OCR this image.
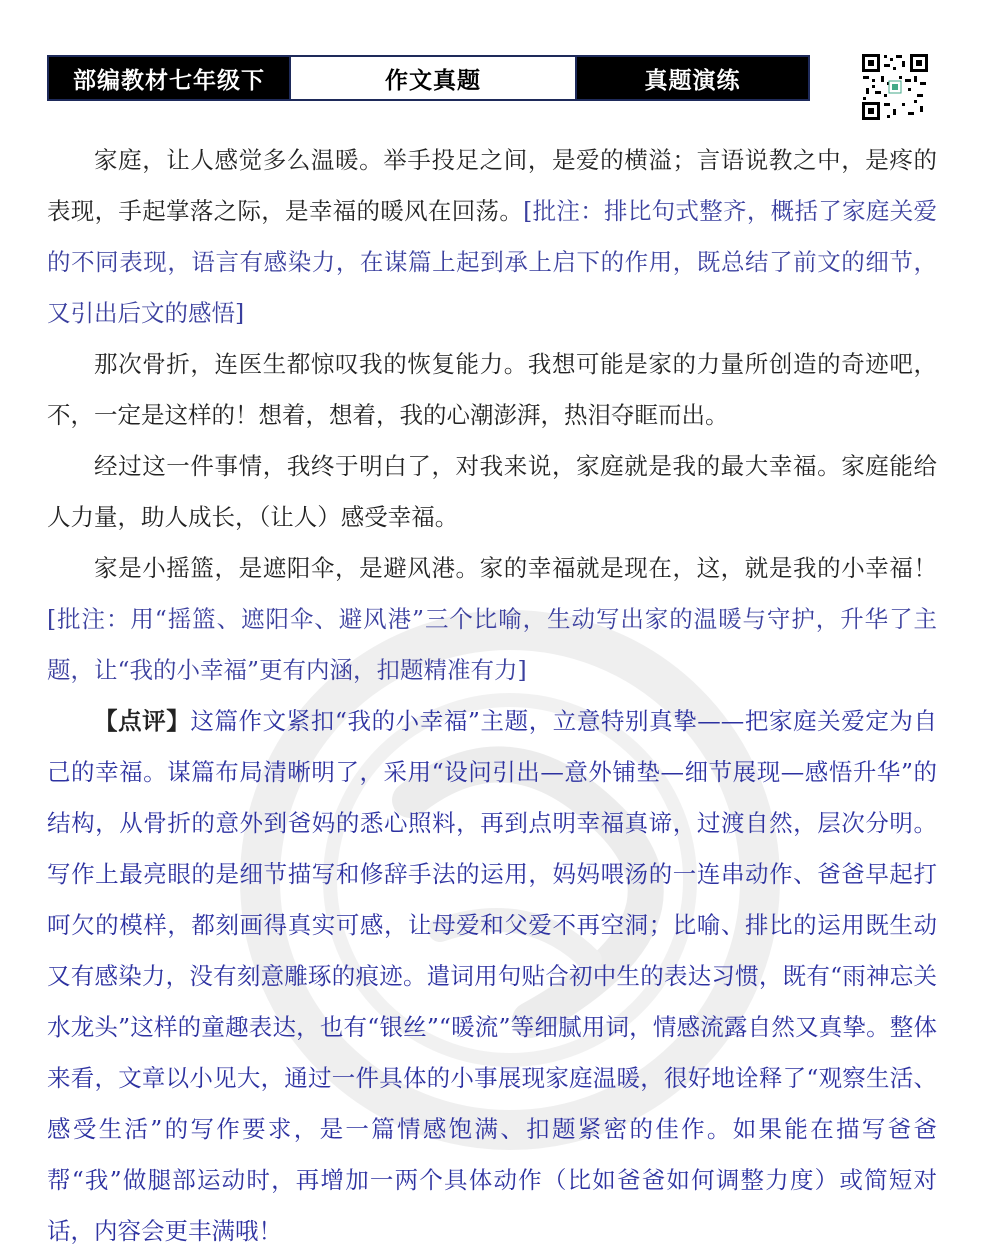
部编教材七年级下	作文真题	真题演练

家庭，让人感觉多么温暖。举手投足之间，是爱的横溢；言语说教之中，是疼的表现，手起掌落之际，是幸福的暖风在回荡。[批注：排比句式整齐，概括了家庭关爱的不同表现，语言有感染力，在谋篇上起到承上启下的作用，既总结了前文的细节，又引出后文的感悟]

那次骨折，连医生都惊叹我的恢复能力。我想可能是家的力量所创造的奇迹吧，不，一定是这样的！想着，想着，我的心潮澎湃，热泪夺眶而出。

经过这一件事情，我终于明白了，对我来说，家庭就是我的最大幸福。家庭能给人力量，助人成长，（让人）感受幸福。

家是小摇篮，是遮阳伞，是避风港。家的幸福就是现在，这，就是我的小幸福！[批注：用“摇篮、遮阳伞、避风港”三个比喻，生动写出家的温暖与守护，升华了主题，让“我的小幸福”更有内涵，扣题精准有力]

【点评】这篇作文紧扣“我的小幸福”主题，立意特别真挚——把家庭关爱定为自己的幸福。谋篇布局清晰明了，采用“设问引出—意外铺垫—细节展现—感悟升华”的结构，从骨折的意外到爸妈的悉心照料，再到点明幸福真谛，过渡自然，层次分明。写作上最亮眼的是细节描写和修辞手法的运用，妈妈喂汤的一连串动作、爸爸早起打呵欠的模样，都刻画得真实可感，让母爱和父爱不再空洞；比喻、排比的运用既生动又有感染力，没有刻意雕琢的痕迹。遣词用句贴合初中生的表达习惯，既有“雨神忘关水龙头”这样的童趣表达，也有“银丝”“暖流”等细腻用词，情感流露自然又真挚。整体来看，文章以小见大，通过一件具体的小事展现家庭温暖，很好地诠释了“观察生活、感受生活”的写作要求，是一篇情感饱满、扣题紧密的佳作。如果能在描写爸爸帮“我”做腿部运动时，再增加一两个具体动作（比如爸爸如何调整力度）或简短对话，内容会更丰满哦！
